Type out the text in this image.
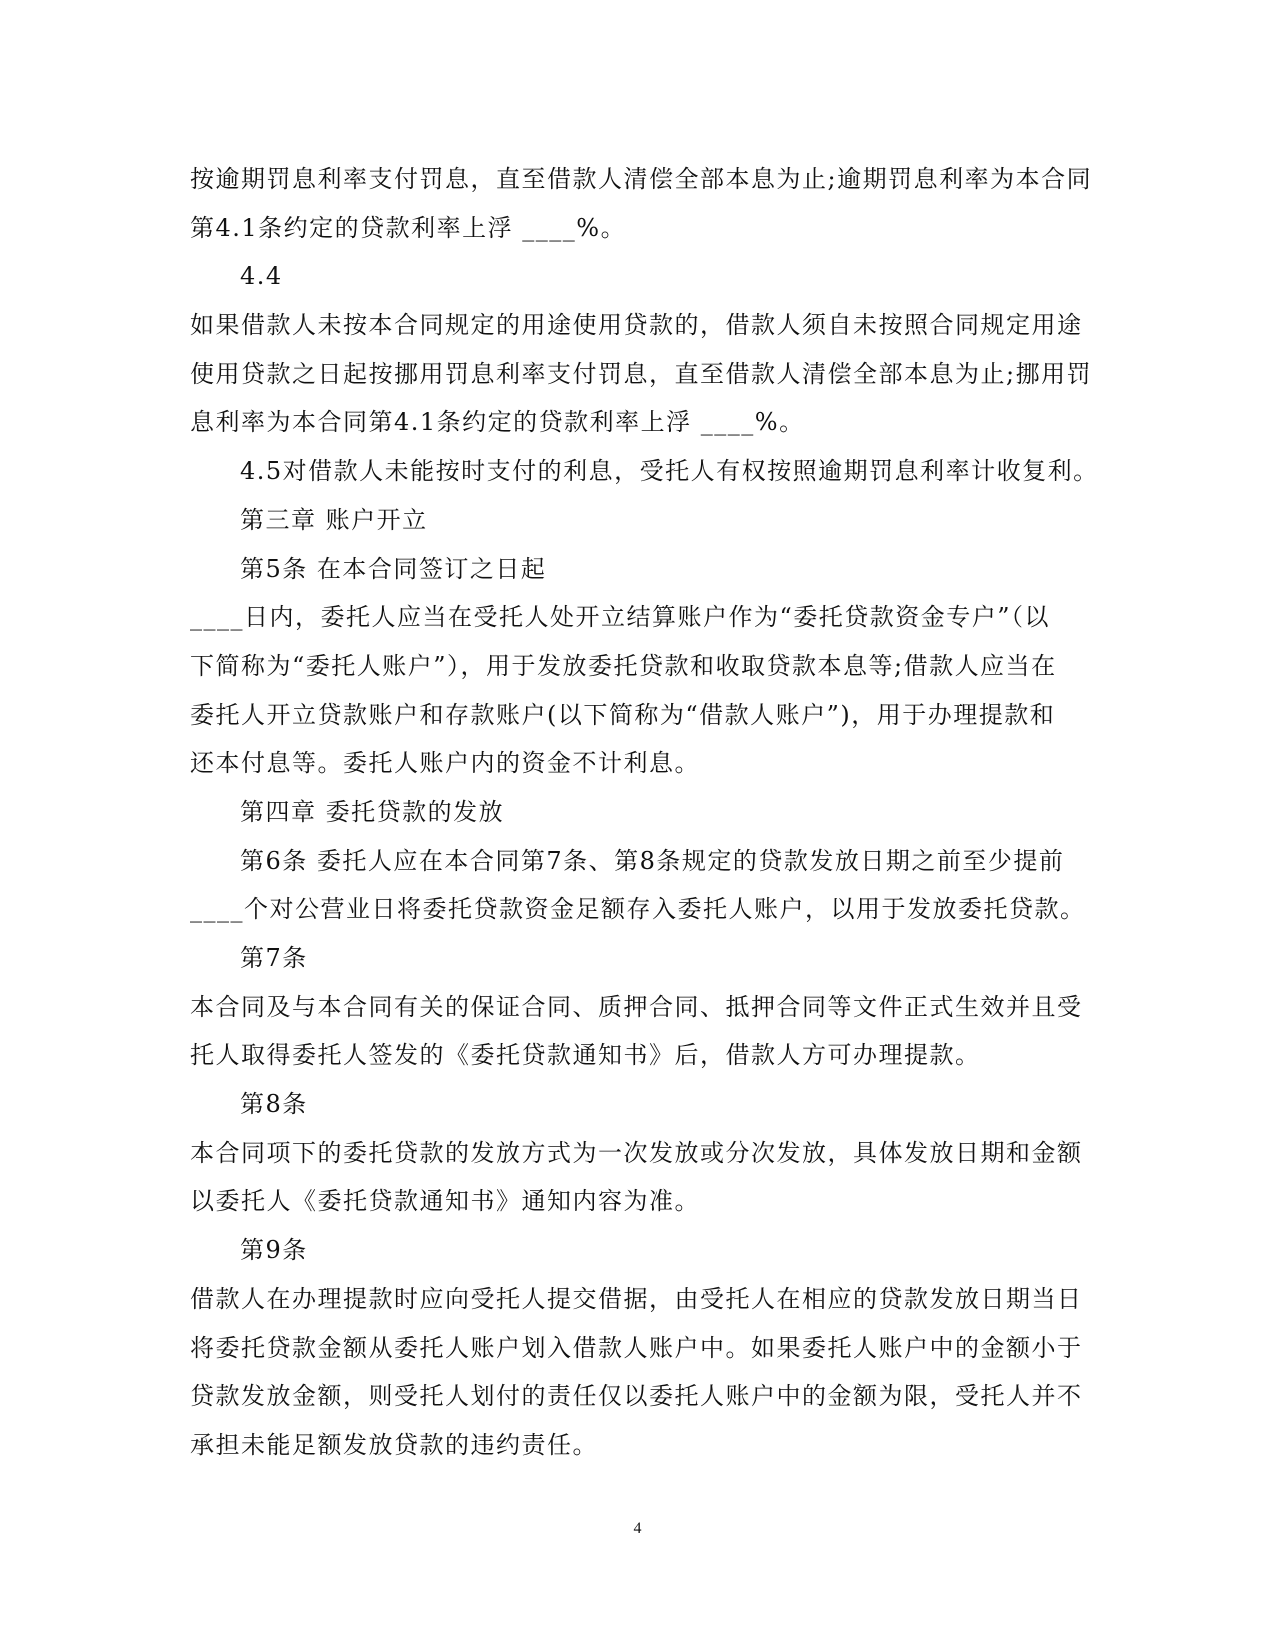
按逾期罚息利率支付罚息，直至借款人清偿全部本息为止;逾期罚息利率为本合同
第4.1条约定的贷款利率上浮 ____%。
4.4
如果借款人未按本合同规定的用途使用贷款的，借款人须自未按照合同规定用途
使用贷款之日起按挪用罚息利率支付罚息，直至借款人清偿全部本息为止;挪用罚
息利率为本合同第4.1条约定的贷款利率上浮 ____%。
4.5对借款人未能按时支付的利息，受托人有权按照逾期罚息利率计收复利。
第三章 账户开立
第5条 在本合同签订之日起
____日内，委托人应当在受托人处开立结算账户作为“委托贷款资金专户”（以
下简称为“委托人账户”），用于发放委托贷款和收取贷款本息等;借款人应当在
委托人开立贷款账户和存款账户(以下简称为“借款人账户”)，用于办理提款和
还本付息等。委托人账户内的资金不计利息。
第四章 委托贷款的发放
第6条 委托人应在本合同第7条、第8条规定的贷款发放日期之前至少提前
____个对公营业日将委托贷款资金足额存入委托人账户，以用于发放委托贷款。
第7条
本合同及与本合同有关的保证合同、质押合同、抵押合同等文件正式生效并且受
托人取得委托人签发的《委托贷款通知书》后，借款人方可办理提款。
第8条
本合同项下的委托贷款的发放方式为一次发放或分次发放，具体发放日期和金额
以委托人《委托贷款通知书》通知内容为准。
第9条
借款人在办理提款时应向受托人提交借据，由受托人在相应的贷款发放日期当日
将委托贷款金额从委托人账户划入借款人账户中。如果委托人账户中的金额小于
贷款发放金额，则受托人划付的责任仅以委托人账户中的金额为限，受托人并不
承担未能足额发放贷款的违约责任。
4
